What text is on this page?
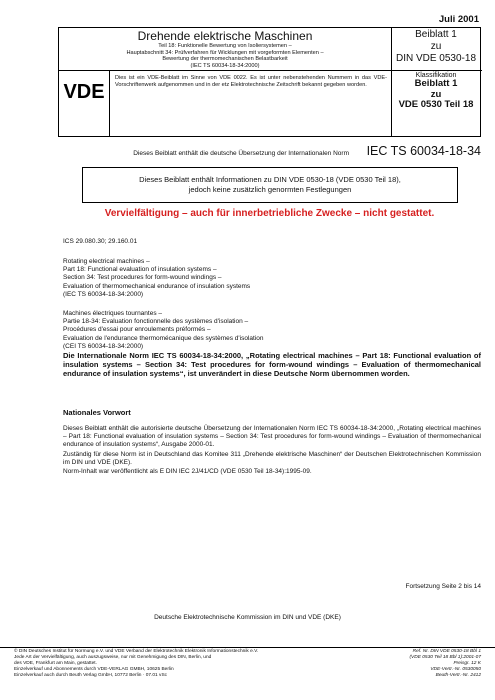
Juli 2001
Drehende elektrische Maschinen
Teil 18: Funktionelle Bewertung von Isoliersystemen –
Hauptabschnitt 34: Prüfverfahren für Wicklungen mit vorgeformten Elementen –
Bewertung der thermomechanischen Belastbarkeit
(IEC TS 60034-18-34:2000)
Beiblatt 1
zu
DIN VDE 0530-18
VDE
Dies ist ein VDE-Beiblatt im Sinne von VDE 0022. Es ist unter nebenstehenden Nummern in das VDE-Vorschriftenwerk aufgenommen und in der etz Elektrotechnische Zeitschrift bekannt gegeben worden.
Klassifikation
Beiblatt 1
zu
VDE 0530 Teil 18
Dieses Beiblatt enthält die deutsche Übersetzung der Internationalen Norm IEC TS 60034-18-34
Dieses Beiblatt enthält Informationen zu DIN VDE 0530-18 (VDE 0530 Teil 18),
jedoch keine zusätzlich genormten Festlegungen
Vervielfältigung – auch für innerbetriebliche Zwecke – nicht gestattet.
ICS 29.080.30; 29.160.01
Rotating electrical machines –
Part 18: Functional evaluation of insulation systems –
Section 34: Test procedures for form-wound windings –
Evaluation of thermomechanical endurance of insulation systems
(IEC TS 60034-18-34:2000)
Machines électriques tournantes –
Partie 18-34: Evaluation fonctionnelle des systèmes d'isolation –
Procédures d'essai pour enroulements préformés –
Evaluation de l'endurance thermomécanique des systèmes d'isolation
(CEI TS 60034-18-34:2000)
Die Internationale Norm IEC TS 60034-18-34:2000, „Rotating electrical machines – Part 18: Functional evaluation of insulation systems – Section 34: Test procedures for form-wound windings – Evaluation of thermomechanical endurance of insulation systems“, ist unverändert in diese Deutsche Norm übernommen worden.
Nationales Vorwort

Dieses Beiblatt enthält die autorisierte deutsche Übersetzung der Internationalen Norm IEC TS 60034-18-34:2000, „Rotating electrical machines – Part 18: Functional evaluation of insulation systems – Section 34: Test procedures for form-wound windings – Evaluation of thermomechanical endurance of insulation systems“, Ausgabe 2000-01.

Zuständig für diese Norm ist in Deutschland das Komitee 311 „Drehende elektrische Maschinen“ der Deutschen Elektrotechnischen Kommission im DIN und VDE (DKE).

Norm-Inhalt war veröffentlicht als E DIN IEC 2J/41/CD (VDE 0530 Teil 18-34):1995-09.

Fortsetzung Seite 2 bis 14
Deutsche Elektrotechnische Kommission im DIN und VDE (DKE)
© DIN Deutsches Institut für Normung e.V. und VDE Verband der Elektrotechnik Elektronik Informationstechnik e.V.
Jede Art der Vervielfältigung, auch auszugsweise, nur mit Genehmigung des DIN, Berlin, und
des VDE, Frankfurt am Main, gestattet.
Einzelverkauf und Abonnements durch VDE-VERLAG GMBH, 10625 Berlin
Einzelverkauf auch durch Beuth Verlag GmbH, 10772 Berlin · 07.01 vSc
Ref. Nr. DIN VDE 0530-18 Bbl 1
(VDE 0530 Teil 18 Bbl 1):2001-07
Preisgr. 12 K
VDE-Vertr.-Nr. 0530050
Beuth-Vertr.-Nr. 2412
